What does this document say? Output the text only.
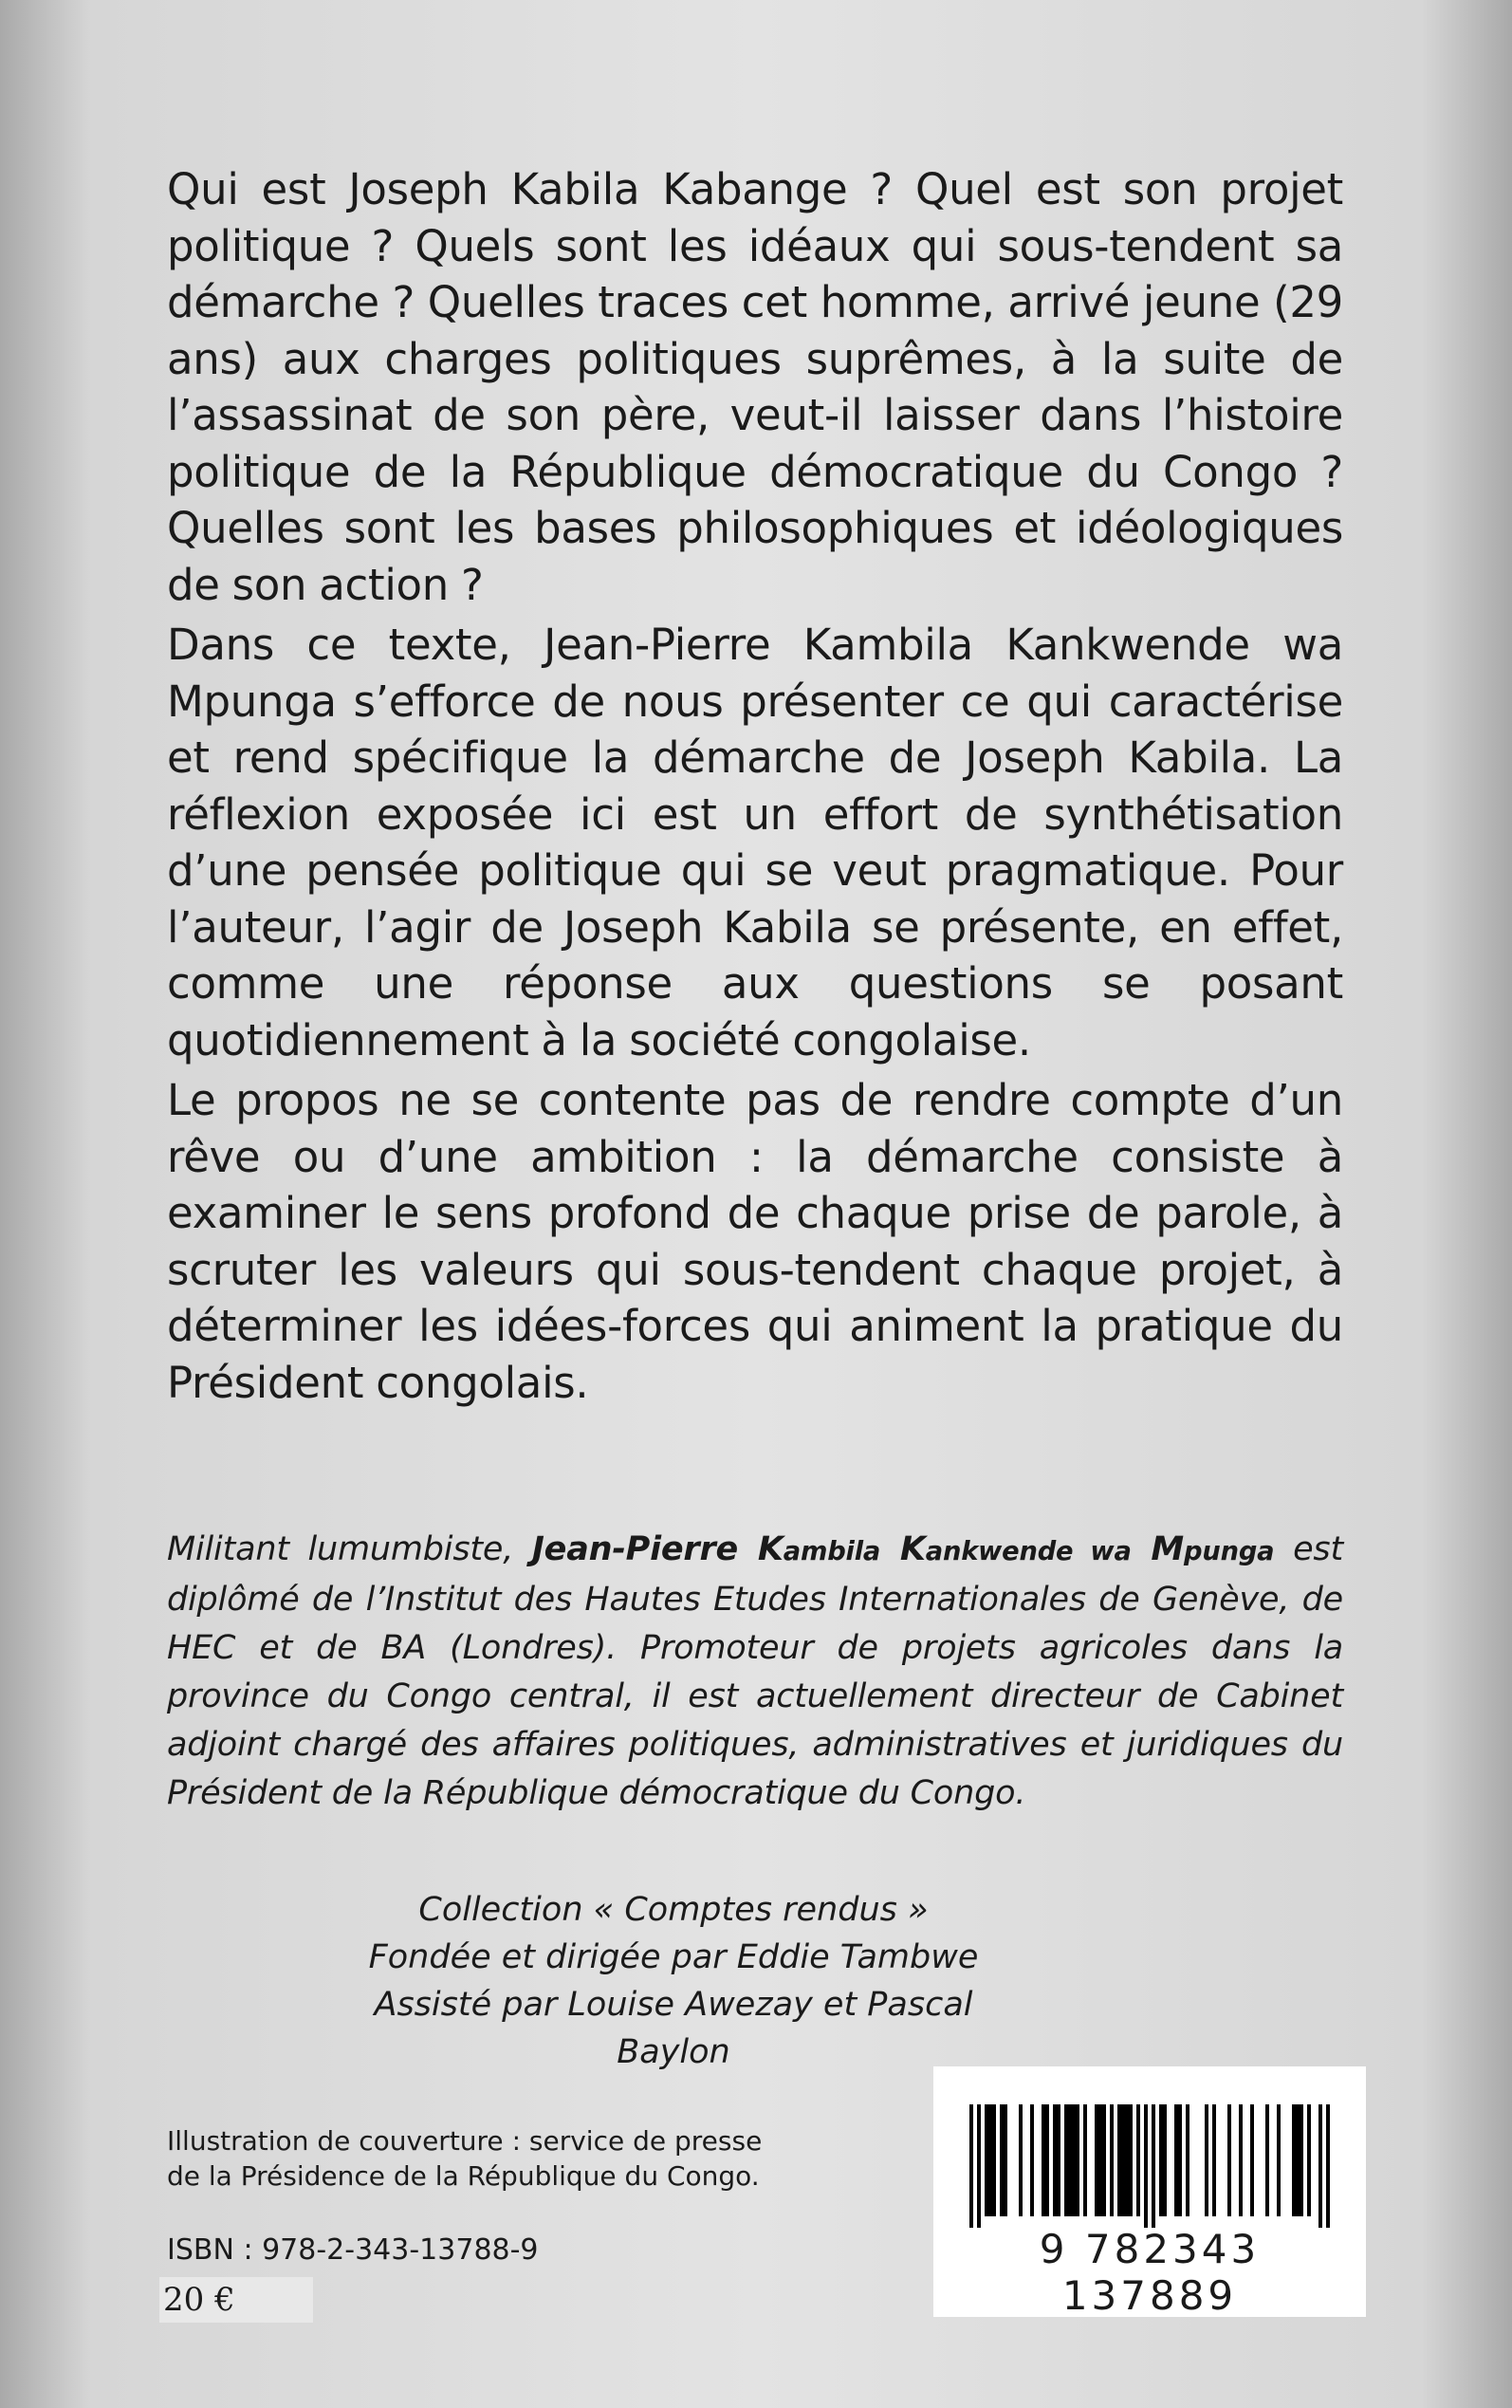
Qui est Joseph Kabila Kabange ? Quel est son projet politique ? Quels sont les idéaux qui sous-tendent sa démarche ? Quelles traces cet homme, arrivé jeune (29 ans) aux charges politiques suprêmes, à la suite de l’assassinat de son père, veut-il laisser dans l’histoire politique de la République démocratique du Congo ? Quelles sont les bases philosophiques et idéologiques de son action ?

Dans ce texte, Jean-Pierre Kambila Kankwende wa Mpunga s’efforce de nous présenter ce qui caractérise et rend spécifique la démarche de Joseph Kabila. La réflexion exposée ici est un effort de synthétisation d’une pensée politique qui se veut pragmatique. Pour l’auteur, l’agir de Joseph Kabila se présente, en effet, comme une réponse aux questions se posant quotidiennement à la société congolaise.

Le propos ne se contente pas de rendre compte d’un rêve ou d’une ambition : la démarche consiste à examiner le sens profond de chaque prise de parole, à scruter les valeurs qui sous-tendent chaque projet, à déterminer les idées-forces qui animent la pratique du Président congolais.

Militant lumumbiste, Jean-Pierre Kambila Kankwende wa Mpunga est diplômé de l’Institut des Hautes Etudes Internationales de Genève, de HEC et de BA (Londres). Promoteur de projets agricoles dans la province du Congo central, il est actuellement directeur de Cabinet adjoint chargé des affaires politiques, administratives et juridiques du Président de la République démocratique du Congo.

Collection « Comptes rendus »
Fondée et dirigée par Eddie Tambwe
Assisté par Louise Awezay et Pascal Baylon
Illustration de couverture : service de presse
de la Présidence de la République du Congo.
ISBN : 978-2-343-13788-9
20 €
9 782343 137889
